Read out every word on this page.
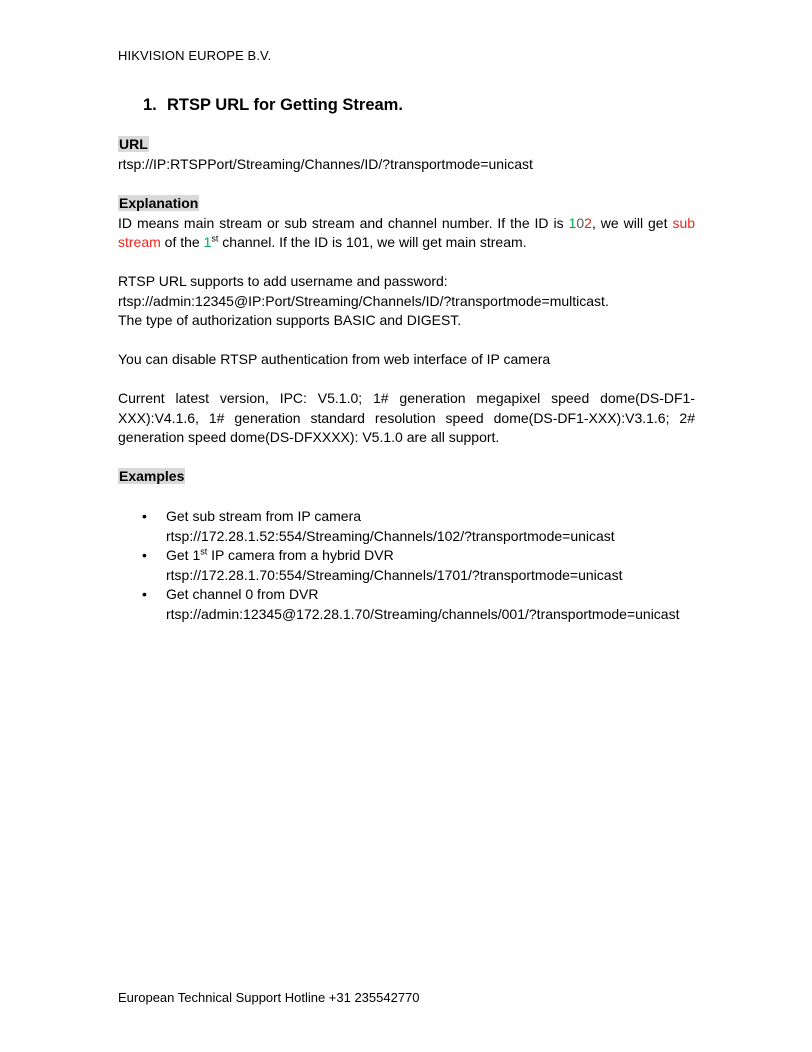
HIKVISION EUROPE B.V.
1. RTSP URL for Getting Stream.
URL
rtsp://IP:RTSPPort/Streaming/Channes/ID/?transportmode=unicast
Explanation
ID means main stream or sub stream and channel number. If the ID is 102, we will get sub stream of the 1st channel. If the ID is 101, we will get main stream.
RTSP URL supports to add username and password:
rtsp://admin:12345@IP:Port/Streaming/Channels/ID/?transportmode=multicast.
The type of authorization supports BASIC and DIGEST.
You can disable RTSP authentication from web interface of IP camera
Current latest version, IPC: V5.1.0; 1# generation megapixel speed dome(DS-DF1-XXX):V4.1.6, 1# generation standard resolution speed dome(DS-DF1-XXX):V3.1.6; 2# generation speed dome(DS-DFXXXX): V5.1.0 are all support.
Examples
• Get sub stream from IP camera
rtsp://172.28.1.52:554/Streaming/Channels/102/?transportmode=unicast
• Get 1st IP camera from a hybrid DVR
rtsp://172.28.1.70:554/Streaming/Channels/1701/?transportmode=unicast
• Get channel 0 from DVR
rtsp://admin:12345@172.28.1.70/Streaming/channels/001/?transportmode=unicast
European Technical Support Hotline +31 235542770
